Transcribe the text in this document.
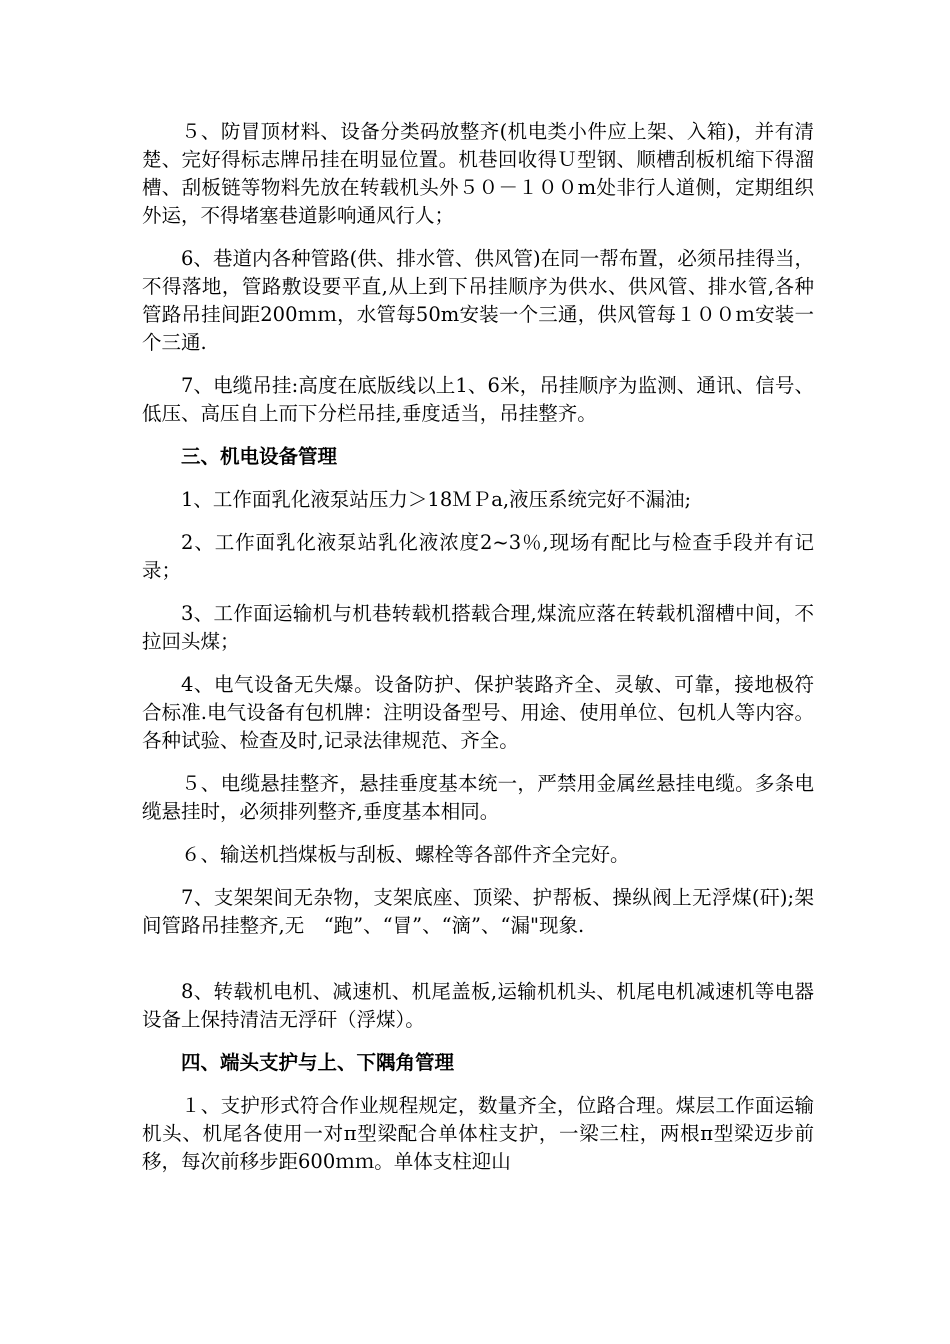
５、防冒顶材料、设备分类码放整齐(机电类小件应上架、入箱)，并有清楚、完好得标志牌吊挂在明显位置。机巷回收得Ｕ型钢、顺槽刮板机缩下得溜槽、刮板链等物料先放在转载机头外５０－１００m处非行人道侧，定期组织外运，不得堵塞巷道影响通风行人；

6、巷道内各种管路(供、排水管、供风管)在同一帮布置，必须吊挂得当，不得落地，管路敷设要平直,从上到下吊挂顺序为供水、供风管、排水管,各种管路吊挂间距200ｍｍ，水管每50m安装一个三通，供风管每１００ｍ安装一个三通.

7、电缆吊挂:高度在底版线以上1、6米，吊挂顺序为监测、通讯、信号、低压、高压自上而下分栏吊挂,垂度适当，吊挂整齐。

三、机电设备管理

1、工作面乳化液泵站压力＞18ＭＰa,液压系统完好不漏油;

2、工作面乳化液泵站乳化液浓度2~3％,现场有配比与检查手段并有记录；

3、工作面运输机与机巷转载机搭载合理,煤流应落在转载机溜槽中间，不拉回头煤；

4、电气设备无失爆。设备防护、保护装路齐全、灵敏、可靠，接地极符合标准.电气设备有包机牌：注明设备型号、用途、使用单位、包机人等内容。各种试验、检查及时,记录法律规范、齐全。

５、电缆悬挂整齐，悬挂垂度基本统一，严禁用金属丝悬挂电缆。多条电缆悬挂时，必须排列整齐,垂度基本相同。

６、输送机挡煤板与刮板、螺栓等各部件齐全完好。

7、支架架间无杂物，支架底座、顶梁、护帮板、操纵阀上无浮煤(矸);架间管路吊挂整齐,无　“跑”、“冒”、“滴”、“漏"现象.

8、转载机电机、减速机、机尾盖板,运输机机头、机尾电机减速机等电器设备上保持清洁无浮矸（浮煤）。

四、端头支护与上、下隅角管理

１、支护形式符合作业规程规定，数量齐全，位路合理。煤层工作面运输机头、机尾各使用一对π型梁配合单体柱支护，一梁三柱，两根π型梁迈步前移，每次前移步距600ｍｍ。单体支柱迎山
